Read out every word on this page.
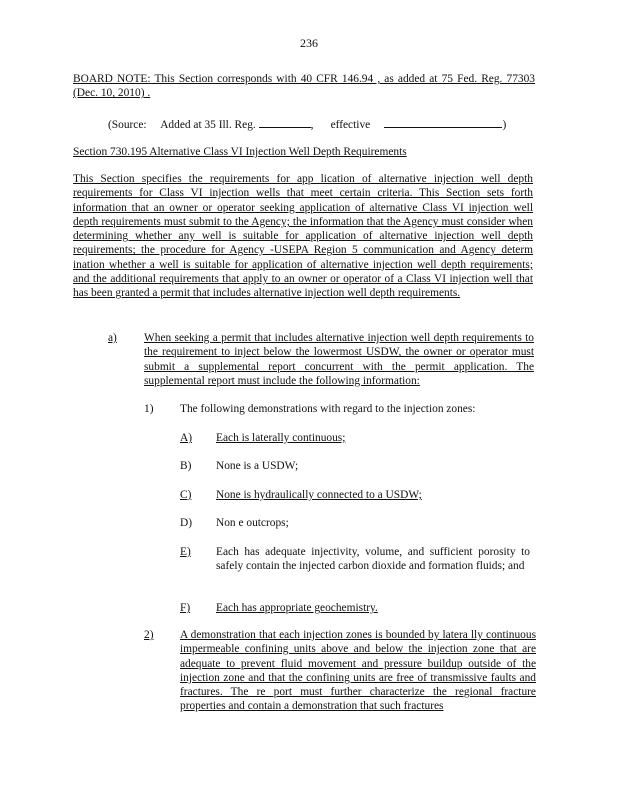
236
BOARD NOTE: This Section corresponds with 40 CFR 146.94 , as added at 75 Fed. Reg. 77303 (Dec. 10, 2010) .
(Source: Added at 35 Ill. Reg.	, effective	)
Section 730.195 Alternative Class VI Injection Well Depth Requirements
This Section specifies the requirements for app lication of alternative injection well depth requirements for Class VI injection wells that meet certain criteria. This Section sets forth information that an owner or operator seeking application of alternative Class VI injection well depth requirements must submit to the Agency; the information that the Agency must consider when determining whether any well is suitable for application of alternative injection well depth requirements; the procedure for Agency -USEPA Region 5 communication and Agency determ ination whether a well is suitable for application of alternative injection well depth requirements; and the additional requirements that apply to an owner or operator of a Class VI injection well that has been granted a permit that includes alternative injection well depth requirements.
a) When seeking a permit that includes alternative injection well depth requirements to the requirement to inject below the lowermost USDW, the owner or operator must submit a supplemental report concurrent with the permit application. The supplemental report must include the following information:
1) The following demonstrations with regard to the injection zones:
A) Each is laterally continuous;
B) None is a USDW;
C) None is hydraulically connected to a USDW;
D) Non e outcrops;
E) Each has adequate injectivity, volume, and sufficient porosity to safely contain the injected carbon dioxide and formation fluids; and
F) Each has appropriate geochemistry.
2) A demonstration that each injection zones is bounded by latera lly continuous impermeable confining units above and below the injection zone that are adequate to prevent fluid movement and pressure buildup outside of the injection zone and that the confining units are free of transmissive faults and fractures. The re port must further characterize the regional fracture properties and contain a demonstration that such fractures
